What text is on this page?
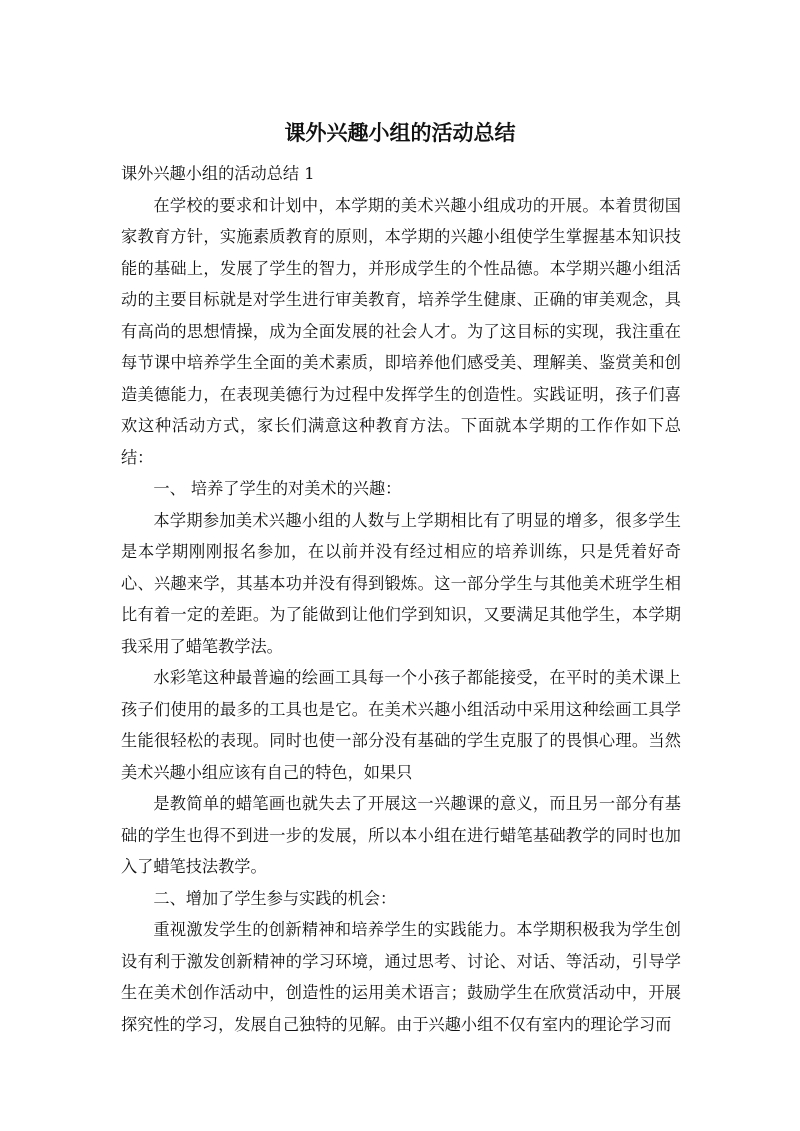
课外兴趣小组的活动总结

课外兴趣小组的活动总结 1

在学校的要求和计划中，本学期的美术兴趣小组成功的开展。本着贯彻国家教育方针，实施素质教育的原则，本学期的兴趣小组使学生掌握基本知识技能的基础上，发展了学生的智力，并形成学生的个性品德。本学期兴趣小组活动的主要目标就是对学生进行审美教育，培养学生健康、正确的审美观念，具有高尚的思想情操，成为全面发展的社会人才。为了这目标的实现，我注重在每节课中培养学生全面的美术素质，即培养他们感受美、理解美、鉴赏美和创造美德能力，在表现美德行为过程中发挥学生的创造性。实践证明，孩子们喜欢这种活动方式，家长们满意这种教育方法。下面就本学期的工作作如下总结：

一、 培养了学生的对美术的兴趣：

本学期参加美术兴趣小组的人数与上学期相比有了明显的增多，很多学生是本学期刚刚报名参加，在以前并没有经过相应的培养训练，只是凭着好奇心、兴趣来学，其基本功并没有得到锻炼。这一部分学生与其他美术班学生相比有着一定的差距。为了能做到让他们学到知识，又要满足其他学生，本学期我采用了蜡笔教学法。

水彩笔这种最普遍的绘画工具每一个小孩子都能接受，在平时的美术课上孩子们使用的最多的工具也是它。在美术兴趣小组活动中采用这种绘画工具学生能很轻松的表现。同时也使一部分没有基础的学生克服了的畏惧心理。当然美术兴趣小组应该有自己的特色，如果只

是教简单的蜡笔画也就失去了开展这一兴趣课的意义，而且另一部分有基础的学生也得不到进一步的发展，所以本小组在进行蜡笔基础教学的同时也加入了蜡笔技法教学。

二、增加了学生参与实践的机会：

重视激发学生的创新精神和培养学生的实践能力。本学期积极我为学生创设有利于激发创新精神的学习环境，通过思考、讨论、对话、等活动，引导学生在美术创作活动中，创造性的运用美术语言；鼓励学生在欣赏活动中，开展探究性的学习，发展自己独特的见解。由于兴趣小组不仅有室内的理论学习而
